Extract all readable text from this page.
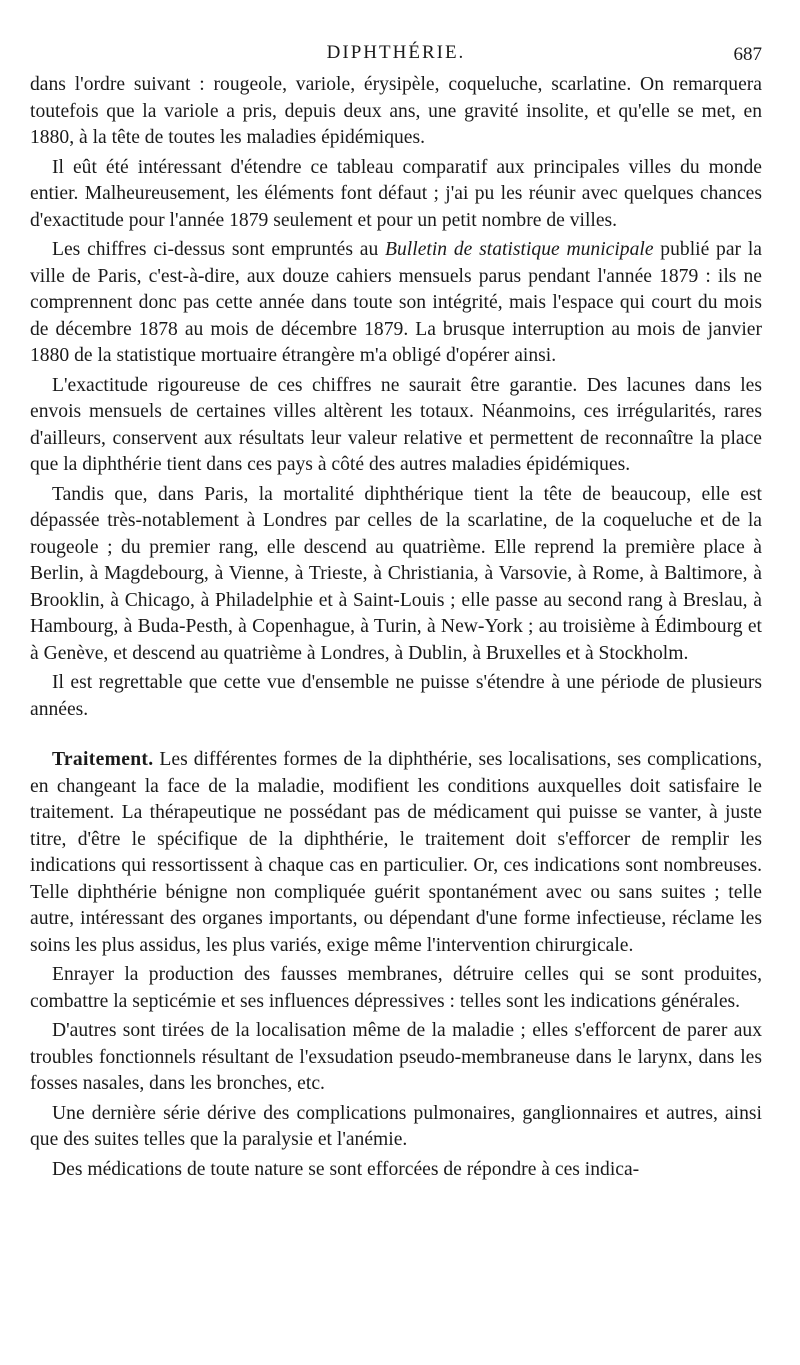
DIPHTHÉRIE.	687

dans l'ordre suivant : rougeole, variole, érysipèle, coqueluche, scarlatine. On remarquera toutefois que la variole a pris, depuis deux ans, une gravité insolite, et qu'elle se met, en 1880, à la tête de toutes les maladies épidémiques.

Il eût été intéressant d'étendre ce tableau comparatif aux principales villes du monde entier. Malheureusement, les éléments font défaut ; j'ai pu les réunir avec quelques chances d'exactitude pour l'année 1879 seulement et pour un petit nombre de villes.

Les chiffres ci-dessus sont empruntés au Bulletin de statistique municipale publié par la ville de Paris, c'est-à-dire, aux douze cahiers mensuels parus pendant l'année 1879 : ils ne comprennent donc pas cette année dans toute son intégrité, mais l'espace qui court du mois de décembre 1878 au mois de décembre 1879. La brusque interruption au mois de janvier 1880 de la statistique mortuaire étrangère m'a obligé d'opérer ainsi.

L'exactitude rigoureuse de ces chiffres ne saurait être garantie. Des lacunes dans les envois mensuels de certaines villes altèrent les totaux. Néanmoins, ces irrégularités, rares d'ailleurs, conservent aux résultats leur valeur relative et permettent de reconnaître la place que la diphthérie tient dans ces pays à côté des autres maladies épidémiques.

Tandis que, dans Paris, la mortalité diphthérique tient la tête de beaucoup, elle est dépassée très-notablement à Londres par celles de la scarlatine, de la coqueluche et de la rougeole ; du premier rang, elle descend au quatrième. Elle reprend la première place à Berlin, à Magdebourg, à Vienne, à Trieste, à Christiania, à Varsovie, à Rome, à Baltimore, à Brooklin, à Chicago, à Philadelphie et à Saint-Louis ; elle passe au second rang à Breslau, à Hambourg, à Buda-Pesth, à Copenhague, à Turin, à New-York ; au troisième à Édimbourg et à Genève, et descend au quatrième à Londres, à Dublin, à Bruxelles et à Stockholm.

Il est regrettable que cette vue d'ensemble ne puisse s'étendre à une période de plusieurs années.

Traitement. Les différentes formes de la diphthérie, ses localisations, ses complications, en changeant la face de la maladie, modifient les conditions auxquelles doit satisfaire le traitement. La thérapeutique ne possédant pas de médicament qui puisse se vanter, à juste titre, d'être le spécifique de la diphthérie, le traitement doit s'efforcer de remplir les indications qui ressortissent à chaque cas en particulier. Or, ces indications sont nombreuses. Telle diphthérie bénigne non compliquée guérit spontanément avec ou sans suites ; telle autre, intéressant des organes importants, ou dépendant d'une forme infectieuse, réclame les soins les plus assidus, les plus variés, exige même l'intervention chirurgicale.

Enrayer la production des fausses membranes, détruire celles qui se sont produites, combattre la septicémie et ses influences dépressives : telles sont les indications générales.

D'autres sont tirées de la localisation même de la maladie ; elles s'efforcent de parer aux troubles fonctionnels résultant de l'exsudation pseudo-membraneuse dans le larynx, dans les fosses nasales, dans les bronches, etc.

Une dernière série dérive des complications pulmonaires, ganglionnaires et autres, ainsi que des suites telles que la paralysie et l'anémie.

Des médications de toute nature se sont efforcées de répondre à ces indica-
